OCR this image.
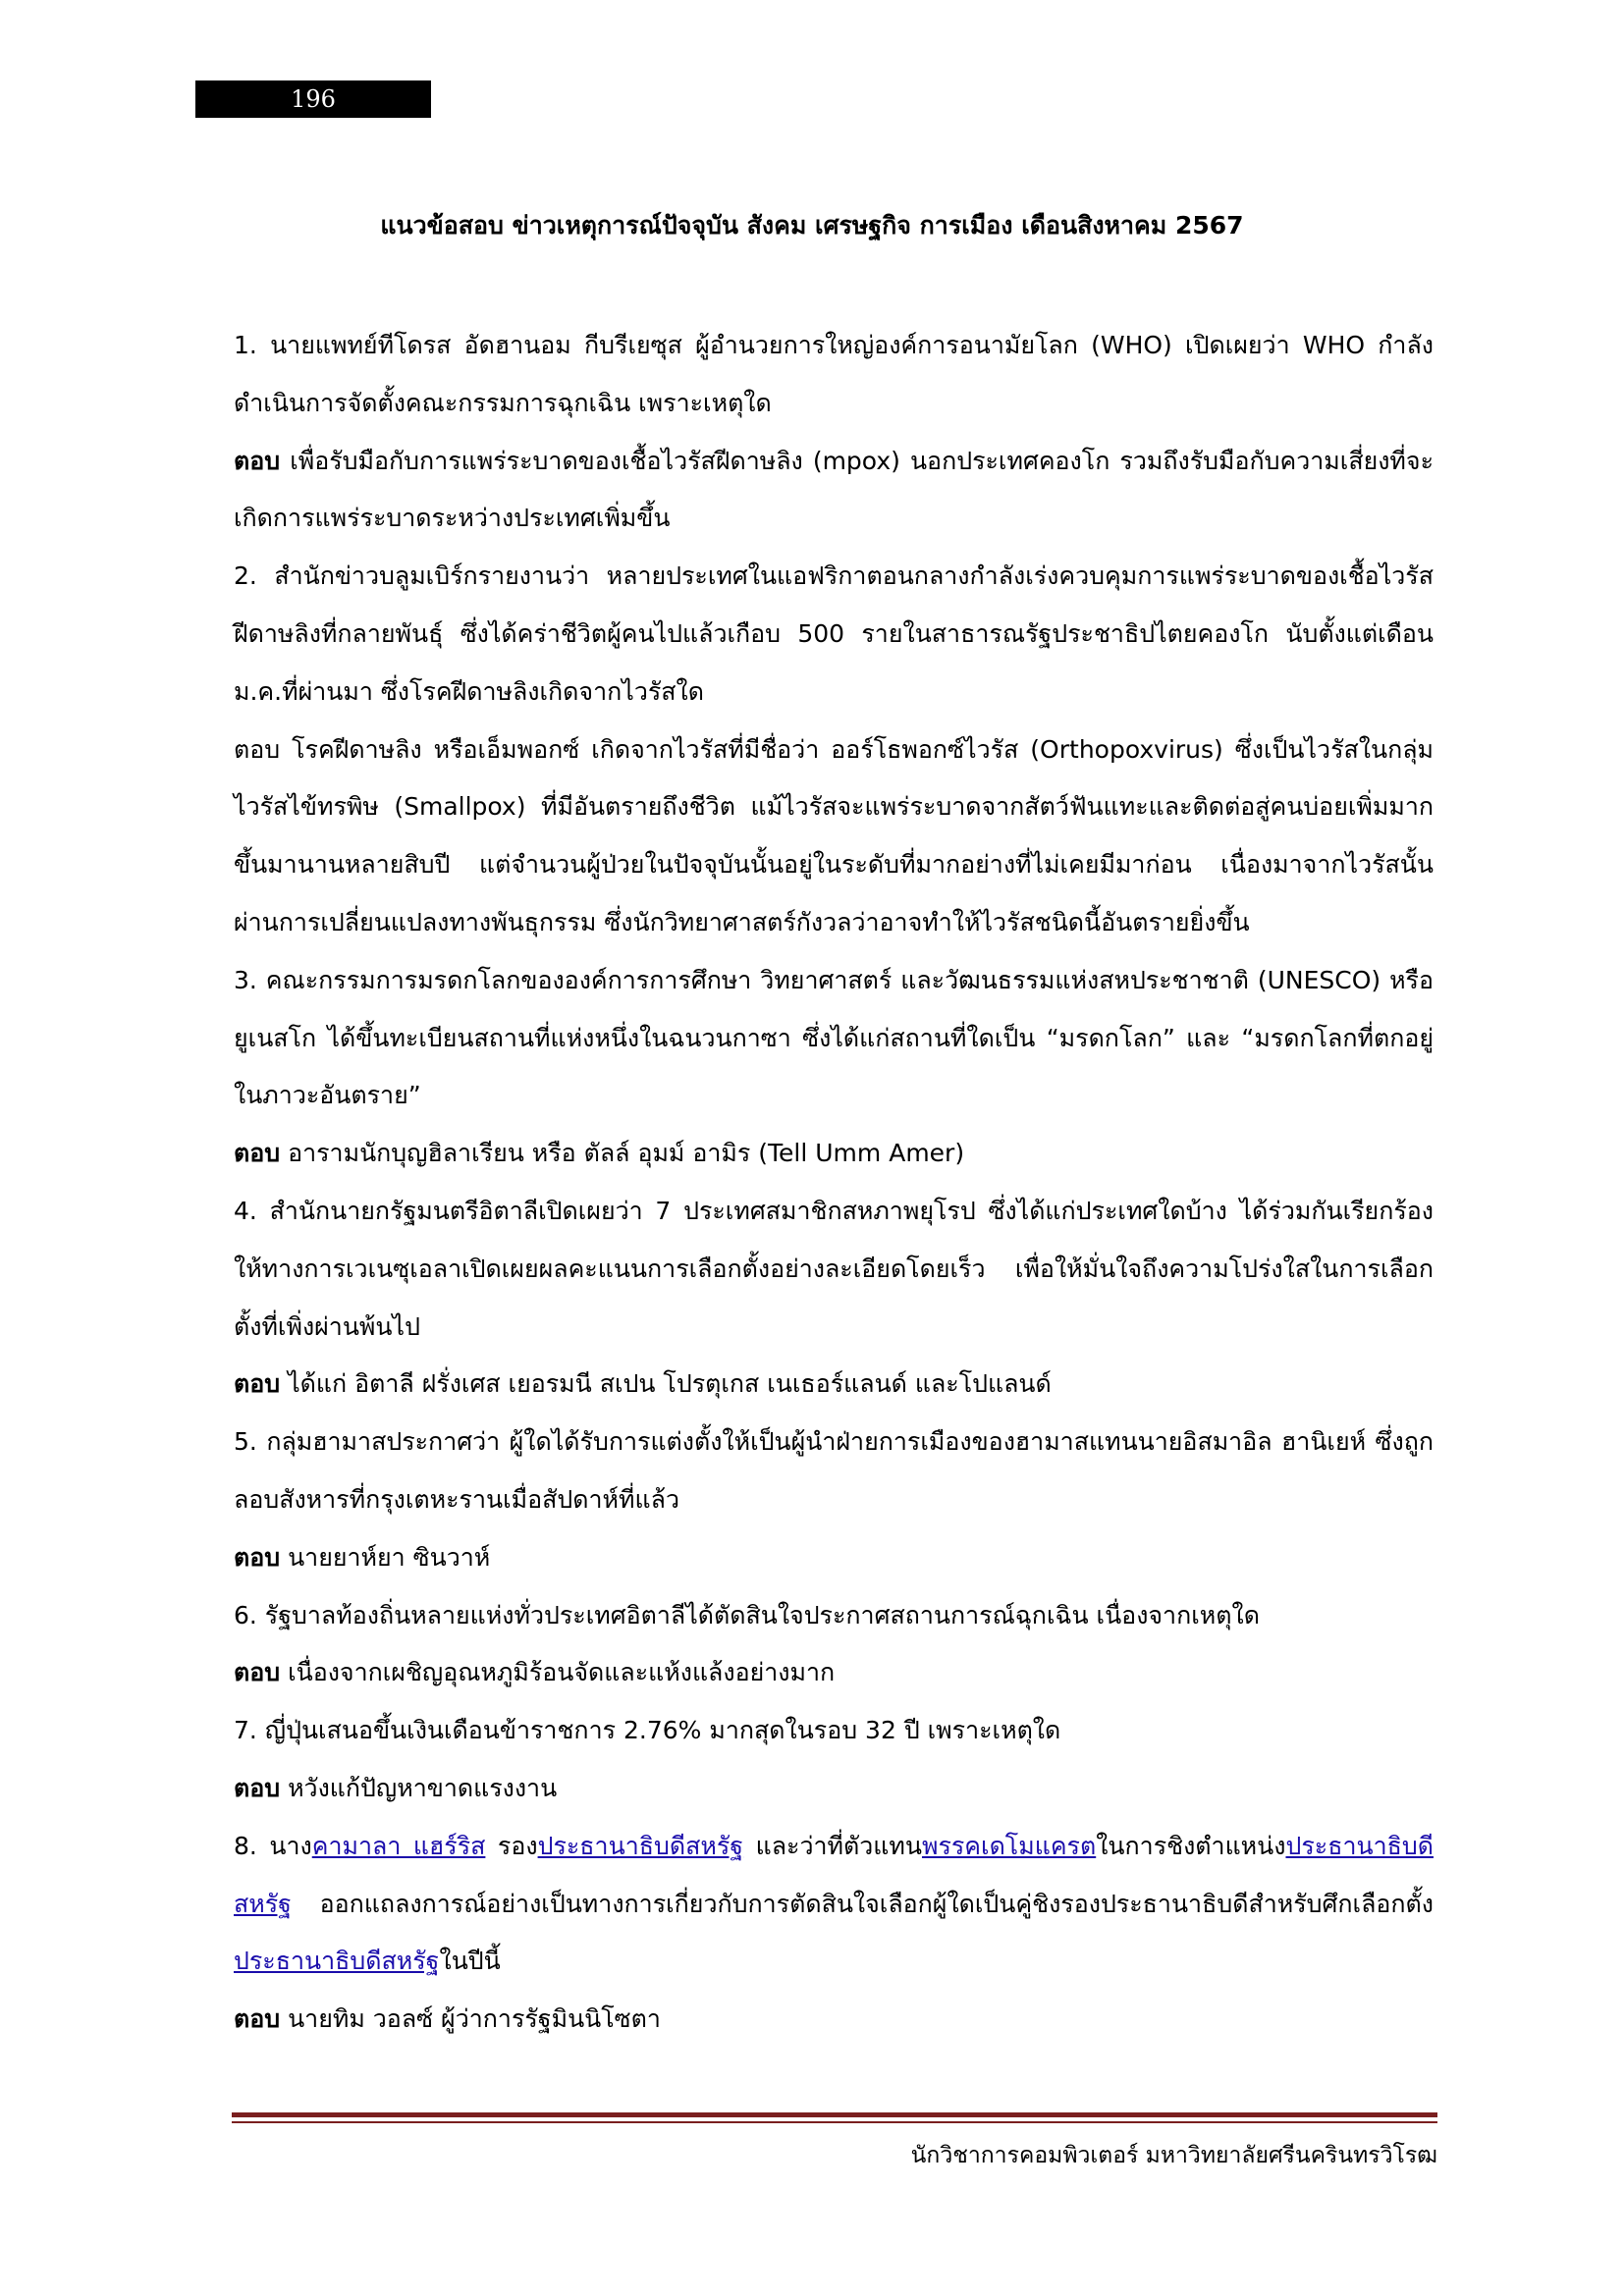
196
แนวข้อสอบ ข่าวเหตุการณ์ปัจจุบัน สังคม เศรษฐกิจ การเมือง เดือนสิงหาคม 2567

1. นายแพทย์ทีโดรส อัดฮานอม กีบรีเยซุส ผู้อำนวยการใหญ่องค์การอนามัยโลก (WHO) เปิดเผยว่า WHO กำลังดำเนินการจัดตั้งคณะกรรมการฉุกเฉิน เพราะเหตุใด

ตอบ เพื่อรับมือกับการแพร่ระบาดของเชื้อไวรัสฝีดาษลิง (mpox) นอกประเทศคองโก รวมถึงรับมือกับความเสี่ยงที่จะเกิดการแพร่ระบาดระหว่างประเทศเพิ่มขึ้น

2. สำนักข่าวบลูมเบิร์กรายงานว่า หลายประเทศในแอฟริกาตอนกลางกำลังเร่งควบคุมการแพร่ระบาดของเชื้อไวรัสฝีดาษลิงที่กลายพันธุ์ ซึ่งได้คร่าชีวิตผู้คนไปแล้วเกือบ 500 รายในสาธารณรัฐประชาธิปไตยคองโก นับตั้งแต่เดือนม.ค.ที่ผ่านมา ซึ่งโรคฝีดาษลิงเกิดจากไวรัสใด

ตอบ โรคฝีดาษลิง หรือเอ็มพอกซ์ เกิดจากไวรัสที่มีชื่อว่า ออร์โธพอกซ์ไวรัส (Orthopoxvirus) ซึ่งเป็นไวรัสในกลุ่มไวรัสไข้ทรพิษ (Smallpox) ที่มีอันตรายถึงชีวิต แม้ไวรัสจะแพร่ระบาดจากสัตว์ฟันแทะและติดต่อสู่คนบ่อยเพิ่มมากขึ้นมานานหลายสิบปี แต่จำนวนผู้ป่วยในปัจจุบันนั้นอยู่ในระดับที่มากอย่างที่ไม่เคยมีมาก่อน เนื่องมาจากไวรัสนั้นผ่านการเปลี่ยนแปลงทางพันธุกรรม ซึ่งนักวิทยาศาสตร์กังวลว่าอาจทำให้ไวรัสชนิดนี้อันตรายยิ่งขึ้น

3. คณะกรรมการมรดกโลกขององค์การการศึกษา วิทยาศาสตร์ และวัฒนธรรมแห่งสหประชาชาติ (UNESCO) หรือยูเนสโก ได้ขึ้นทะเบียนสถานที่แห่งหนึ่งในฉนวนกาซา ซึ่งได้แก่สถานที่ใดเป็น “มรดกโลก” และ “มรดกโลกที่ตกอยู่ในภาวะอันตราย”

ตอบ อารามนักบุญฮิลาเรียน หรือ ตัลล์ อุมม์ อามิร (Tell Umm Amer)

4. สำนักนายกรัฐมนตรีอิตาลีเปิดเผยว่า 7 ประเทศสมาชิกสหภาพยุโรป ซึ่งได้แก่ประเทศใดบ้าง ได้ร่วมกันเรียกร้องให้ทางการเวเนซุเอลาเปิดเผยผลคะแนนการเลือกตั้งอย่างละเอียดโดยเร็ว เพื่อให้มั่นใจถึงความโปร่งใสในการเลือกตั้งที่เพิ่งผ่านพ้นไป

ตอบ ได้แก่ อิตาลี ฝรั่งเศส เยอรมนี สเปน โปรตุเกส เนเธอร์แลนด์ และโปแลนด์

5. กลุ่มฮามาสประกาศว่า ผู้ใดได้รับการแต่งตั้งให้เป็นผู้นำฝ่ายการเมืองของฮามาสแทนนายอิสมาอิล ฮานิเยห์ ซึ่งถูกลอบสังหารที่กรุงเตหะรานเมื่อสัปดาห์ที่แล้ว

ตอบ นายยาห์ยา ซินวาห์

6. รัฐบาลท้องถิ่นหลายแห่งทั่วประเทศอิตาลีได้ตัดสินใจประกาศสถานการณ์ฉุกเฉิน เนื่องจากเหตุใด

ตอบ เนื่องจากเผชิญอุณหภูมิร้อนจัดและแห้งแล้งอย่างมาก

7. ญี่ปุ่นเสนอขึ้นเงินเดือนข้าราชการ 2.76% มากสุดในรอบ 32 ปี เพราะเหตุใด

ตอบ หวังแก้ปัญหาขาดแรงงาน

8. นางคามาลา แฮร์ริส รองประธานาธิบดีสหรัฐ และว่าที่ตัวแทนพรรคเดโมแครตในการชิงตำแหน่งประธานาธิบดีสหรัฐ ออกแถลงการณ์อย่างเป็นทางการเกี่ยวกับการตัดสินใจเลือกผู้ใดเป็นคู่ชิงรองประธานาธิบดีสำหรับศึกเลือกตั้งประธานาธิบดีสหรัฐในปีนี้

ตอบ นายทิม วอลซ์ ผู้ว่าการรัฐมินนิโซตา

นักวิชาการคอมพิวเตอร์ มหาวิทยาลัยศรีนครินทรวิโรฒ
